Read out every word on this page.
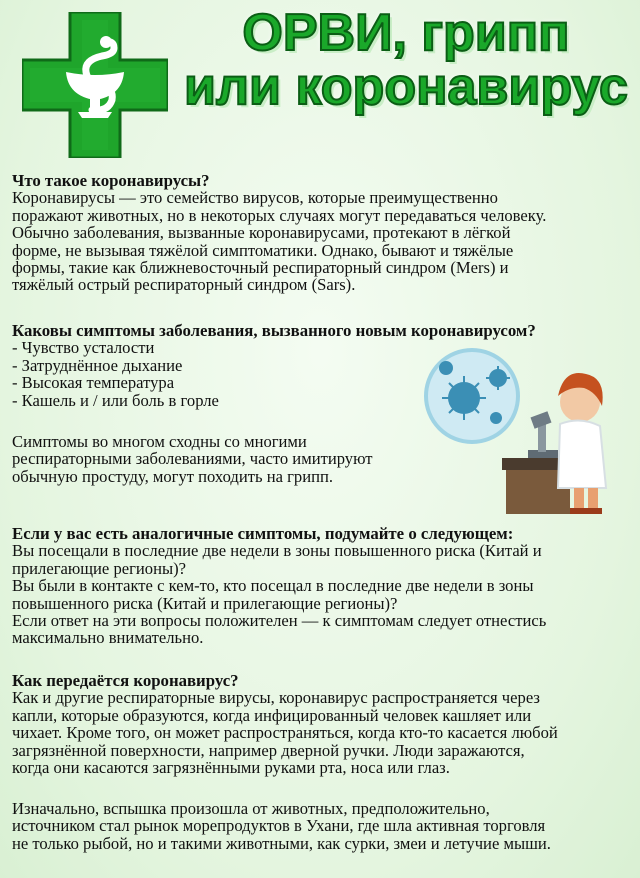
ОРВИ, грипп
или коронавирус

Что такое коронавирусы?

Коронавирусы — это семейство вирусов, которые преимущественно

поражают животных, но в некоторых случаях могут передаваться человеку.

Обычно заболевания, вызванные коронавирусами, протекают в лёгкой

форме, не вызывая тяжёлой симптоматики. Однако, бывают и тяжёлые

формы, такие как ближневосточный респираторный синдром (Mers) и

тяжёлый острый респираторный синдром (Sars).

Каковы симптомы заболевания, вызванного новым коронавирусом?

- Чувство усталости

- Затруднённое дыхание

- Высокая температура

- Кашель и / или боль в горле

Симптомы во многом сходны со многими

респираторными заболеваниями, часто имитируют

обычную простуду, могут походить на грипп.

Если у вас есть аналогичные симптомы, подумайте о следующем:

Вы посещали в последние две недели в зоны повышенного риска (Китай и

прилегающие регионы)?

Вы были в контакте с кем-то, кто посещал в последние две недели в зоны

повышенного риска (Китай и прилегающие регионы)?

Если ответ на эти вопросы положителен — к симптомам следует отнестись

максимально внимательно.

Как передаётся коронавирус?

Как и другие респираторные вирусы, коронавирус распространяется через

капли, которые образуются, когда инфицированный человек кашляет или

чихает. Кроме того, он может распространяться, когда кто-то касается любой

загрязнённой поверхности, например дверной ручки. Люди заражаются,

когда они касаются загрязнёнными руками рта, носа или глаз.

Изначально, вспышка произошла от животных, предположительно,

источником стал рынок морепродуктов в Ухани, где шла активная торговля

не только рыбой, но и такими животными, как сурки, змеи и летучие мыши.
